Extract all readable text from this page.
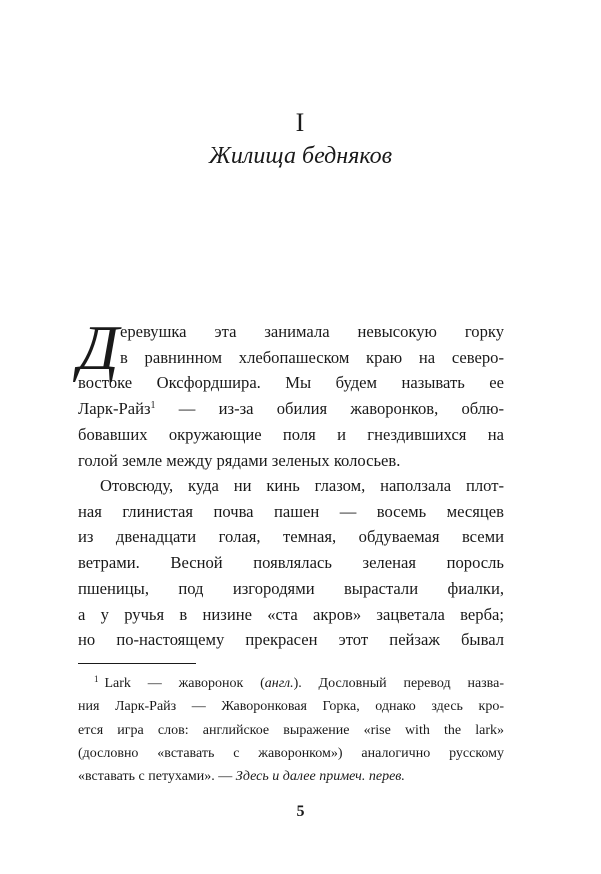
I
Жилища бедняков
Д еревушка эта занимала невысокую горку
в равнинном хлебопашеском краю на северо-
востоке Оксфордшира. Мы будем называть ее
Ларк-Райз$^1$ — из-за обилия жаворонков, облю-
бовавших окружающие поля и гнездившихся на
голой земле между рядами зеленых колосьев.
Отовсюду, куда ни кинь глазом, наползала плот-
ная глинистая почва пашен — восемь месяцев
из двенадцати голая, темная, обдуваемая всеми
ветрами. Весной появлялась зеленая поросль
пшеницы, под изгородями вырастали фиалки,
а у ручья в низине «ста акров» зацветала верба;
но по-настоящему прекрасен этот пейзаж бывал
$^1$ Lark — жаворонок (англ.). Дословный перевод назва-
ния Ларк-Райз — Жаворонковая Горка, однако здесь кро-
ется игра слов: английское выражение «rise with the lark»
(дословно «вставать с жаворонком») аналогично русскому
«вставать с петухами». — Здесь и далее примеч. перев.
5
